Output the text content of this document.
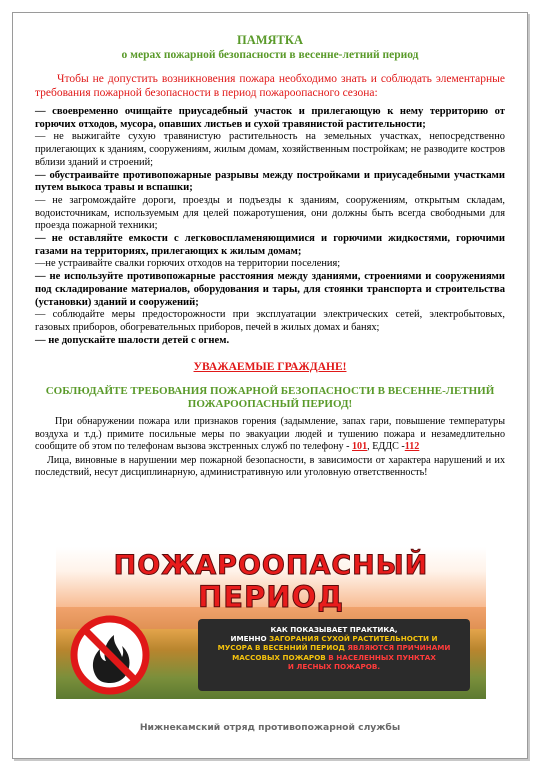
ПАМЯТКА
о мерах пожарной безопасности в весенне-летний период
Чтобы не допустить возникновения пожара необходимо знать и соблюдать элементарные требования пожарной безопасности в период пожароопасного сезона:
— своевременно очищайте приусадебный участок и прилегающую к нему территорию от горючих отходов, мусора, опавших листьев и сухой травянистой растительности;
— не выжигайте сухую травянистую растительность на земельных участках, непосредственно прилегающих к зданиям, сооружениям, жилым домам, хозяйственным постройкам; не разводите костров вблизи зданий и строений;
— обустраивайте противопожарные разрывы между постройками и приусадебными участками путем выкоса травы и вспашки;
— не загромождайте дороги, проезды и подъезды к зданиям, сооружениям, открытым складам, водоисточникам, используемым для целей пожаротушения, они должны быть всегда свободными для проезда пожарной техники;
— не оставляйте емкости с легковоспламеняющимися и горючими жидкостями, горючими газами на территориях, прилегающих к жилым домам;
—не устраивайте свалки горючих отходов на территории поселения;
— не используйте противопожарные расстояния между зданиями, строениями и сооружениями под складирование материалов, оборудования и тары, для стоянки транспорта и строительства (установки) зданий и сооружений;
— соблюдайте меры предосторожности при эксплуатации электрических сетей, электробытовых, газовых приборов, обогревательных приборов, печей в жилых домах и банях;
— не допускайте шалости детей с огнем.
УВАЖАЕМЫЕ ГРАЖДАНЕ!
СОБЛЮДАЙТЕ ТРЕБОВАНИЯ ПОЖАРНОЙ БЕЗОПАСНОСТИ В ВЕСЕННЕ-ЛЕТНИЙ ПОЖАРООПАСНЫЙ ПЕРИОД!
При обнаружении пожара или признаков горения (задымление, запах гари, повышение температуры воздуха и т.д.) примите посильные меры по эвакуации людей и тушению пожара и незамедлительно сообщите об этом по телефонам вызова экстренных служб по телефону - 101, ЕДДС -112
Лица, виновные в нарушении мер пожарной безопасности, в зависимости от характера нарушений и их последствий, несут дисциплинарную, административную или уголовную ответственность!
ПОЖАРООПАСНЫЙ
ПЕРИОД
КАК ПОКАЗЫВАЕТ ПРАКТИКА,
ИМЕННО ЗАГОРАНИЯ СУХОЙ РАСТИТЕЛЬНОСТИ И
МУСОРА В ВЕСЕННИЙ ПЕРИОД ЯВЛЯЮТСЯ ПРИЧИНАМИ
МАССОВЫХ ПОЖАРОВ В НАСЕЛЕННЫХ ПУНКТАХ
И ЛЕСНЫХ ПОЖАРОВ.
Нижнекамский отряд противопожарной службы
